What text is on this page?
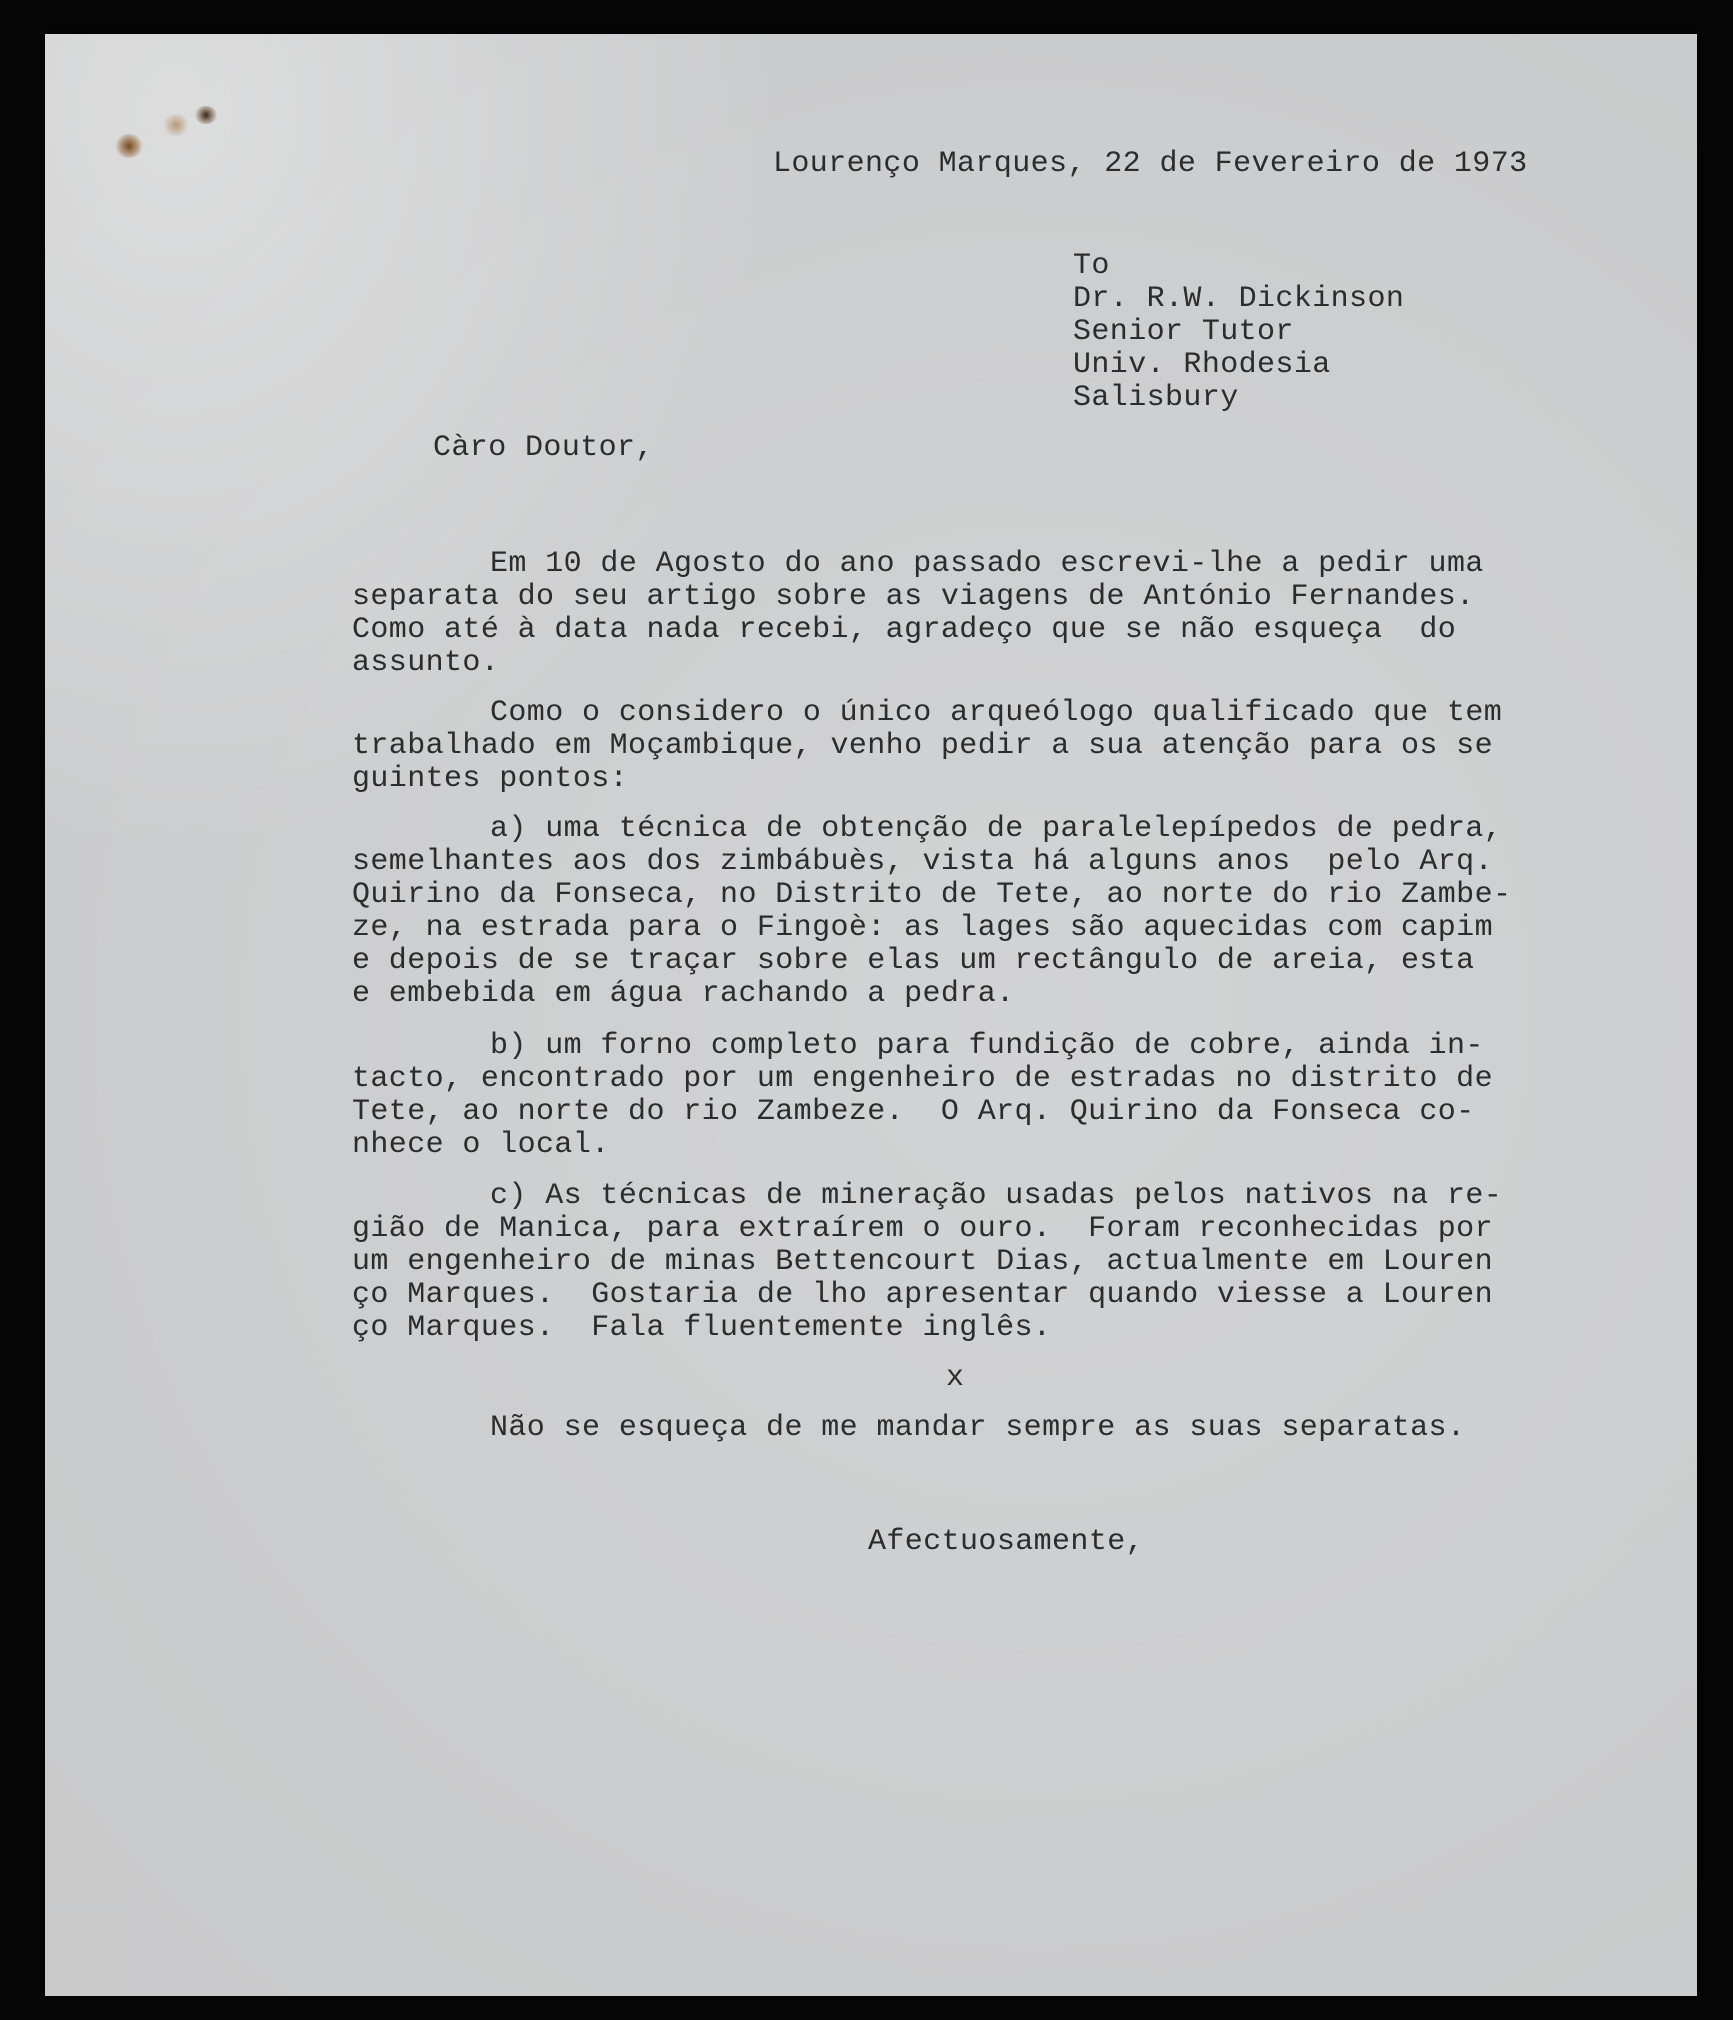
Lourenço Marques, 22 de Fevereiro de 1973
To
Dr. R.W. Dickinson
Senior Tutor
Univ. Rhodesia
Salisbury
Càro Doutor,
Em 10 de Agosto do ano passado escrevi-lhe a pedir uma
separata do seu artigo sobre as viagens de António Fernandes.
Como até à data nada recebi, agradeço que se não esqueça  do
assunto.
Como o considero o único arqueólogo qualificado que tem
trabalhado em Moçambique, venho pedir a sua atenção para os se
guintes pontos:
a) uma técnica de obtenção de paralelepípedos de pedra,
semelhantes aos dos zimbábuès, vista há alguns anos  pelo Arq.
Quirino da Fonseca, no Distrito de Tete, ao norte do rio Zambe-
ze, na estrada para o Fingoè: as lages são aquecidas com capim
e depois de se traçar sobre elas um rectângulo de areia, esta
e embebida em água rachando a pedra.
b) um forno completo para fundição de cobre, ainda in-
tacto, encontrado por um engenheiro de estradas no distrito de
Tete, ao norte do rio Zambeze.  O Arq. Quirino da Fonseca co-
nhece o local.
c) As técnicas de mineração usadas pelos nativos na re-
gião de Manica, para extraírem o ouro.  Foram reconhecidas por
um engenheiro de minas Bettencourt Dias, actualmente em Louren
ço Marques.  Gostaria de lho apresentar quando viesse a Louren
ço Marques.  Fala fluentemente inglês.
x
Não se esqueça de me mandar sempre as suas separatas.
Afectuosamente,
